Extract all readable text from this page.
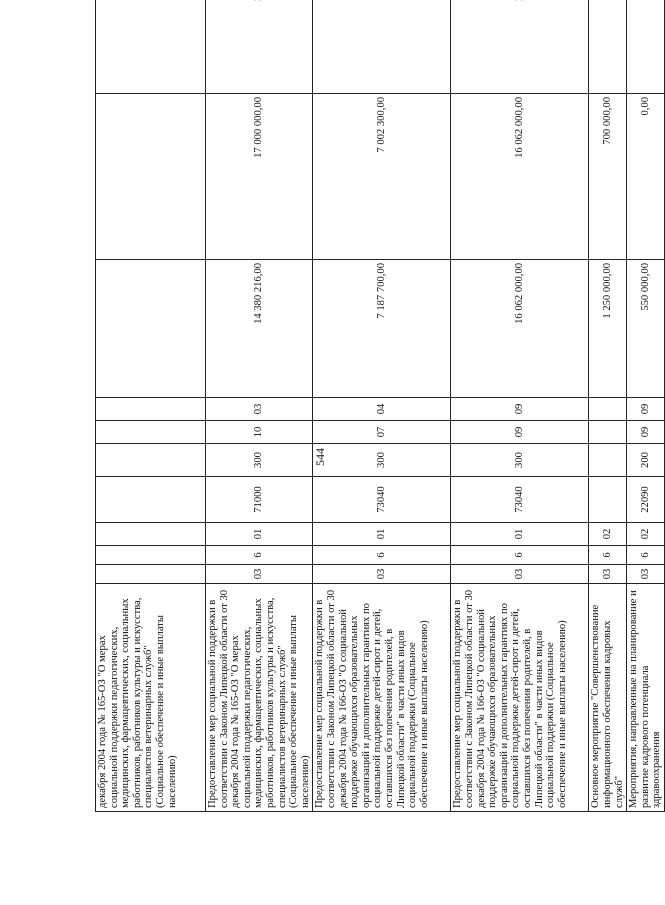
544
декабря 2004 года № 165-ОЗ "О мерах социальной поддержки педагогических, медицинских, фармацевтических, социальных работников, работников культуры и искусства, специалистов ветеринарных служб" (Социальное обеспечение и иные выплаты населению)										
Предоставление мер социальной поддержки в соответствии с Законом Липецкой области от 30 декабря 2004 года № 165-ОЗ "О мерах социальной поддержки педагогических, медицинских, фармацевтических, социальных работников, работников культуры и искусства, специалистов ветеринарных служб" (Социальное обеспечение и иные выплаты населению)	03	6	01	71000	300	10	03	14 380 216,00	17 000 000,00	
Предоставление мер социальной поддержки в соответствии с Законом Липецкой области от 30 декабря 2004 года № 166-ОЗ "О социальной поддержке обучающихся образовательных организаций и дополнительных гарантиях по социальной поддержке детей-сирот и детей, оставшихся без попечения родителей, в Липецкой области" в части иных видов социальной поддержки (Социальное обеспечение и иные выплаты населению)	03	6	01	73040	300	07	04	7 187 700,00	7 002 300,00	
Предоставление мер социальной поддержки в соответствии с Законом Липецкой области от 30 декабря 2004 года № 166-ОЗ "О социальной поддержке обучающихся образовательных организаций и дополнительных гарантиях по социальной поддержке детей-сирот и детей, оставшихся без попечения родителей, в Липецкой области" в части иных видов социальной поддержки (Социальное обеспечение и иные выплаты населению)	03	6	01	73040	300	09	09	16 062 000,00	16 062 000,00	
Основное мероприятие "Совершенствование информационного обеспечения кадровых служб"	03	6	02					1 250 000,00	700 000,00	
Мероприятия, направленные на планирование и развитие кадрового потенциала здравоохранения	03	6	02	22090	200	09	09	550 000,00	0,00	
